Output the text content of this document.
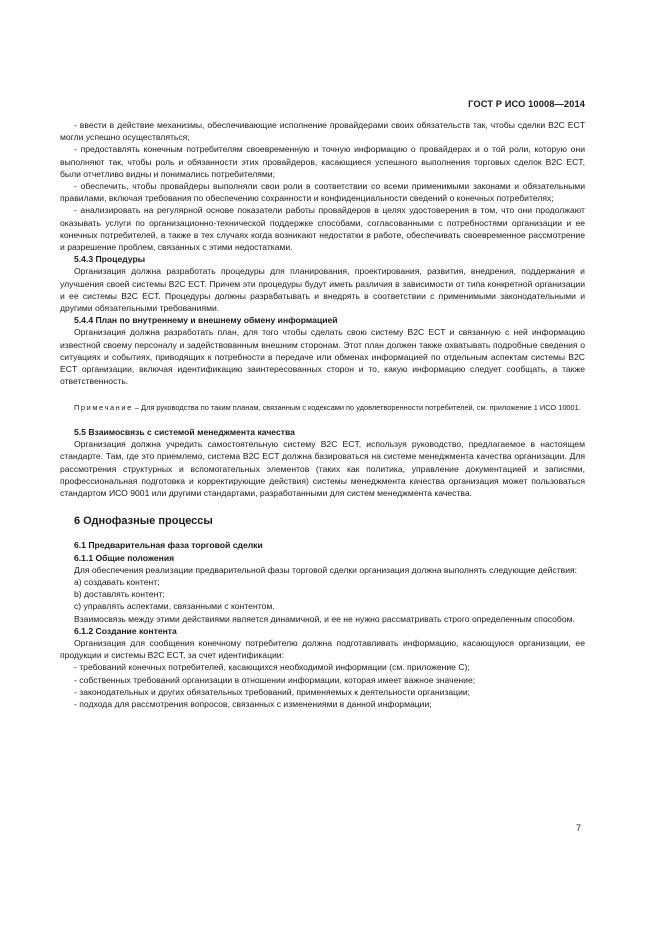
ГОСТ Р ИСО 10008—2014

- ввести в действие механизмы, обеспечивающие исполнение провайдерами своих обязательств так, чтобы сделки B2C ECT могли успешно осуществляться;

- предоставлять конечным потребителям своевременную и точную информацию о провайдерах и о той роли, которую они выполняют так, чтобы роль и обязанности этих провайдеров, касающиеся успешного выполнения торговых сделок B2C ECT, были отчетливо видны и понимались потребителями;

- обеспечить, чтобы провайдеры выполняли свои роли в соответствии со всеми применимыми законами и обязательными правилами, включая требования по обеспечению сохранности и конфиденциальности сведений о конечных потребителях;

- анализировать на регулярной основе показатели работы провайдеров в целях удостоверения в том, что они продолжают оказывать услуги по организационно-технической поддержке способами, согласованными с потребностями организации и ее конечных потребителей, а также в тех случаях когда возникают недостатки в работе, обеспечивать своевременное рассмотрение и разрешение проблем, связанных с этими недостатками.

5.4.3 Процедуры

Организация должна разработать процедуры для планирования, проектирования, развития, внедрения, поддержания и улучшения своей системы B2C ECT. Причем эти процедуры будут иметь различия в зависимости от типа конкретной организации и ее системы B2C ECT. Процедуры должны разрабатывать и внедрять в соответствии с применимыми законодательными и другими обязательными требованиями.

5.4.4 План по внутреннему и внешнему обмену информацией

Организация должна разработать план, для того чтобы сделать свою систему B2C ECT и связанную с ней информацию известной своему персоналу и задействованным внешним сторонам. Этот план должен также охватывать подробные сведения о ситуациях и событиях, приводящих к потребности в передаче или обменах информацией по отдельным аспектам системы B2C ECT организации, включая идентификацию заинтересованных сторон и то, какую информацию следует сообщать, а также ответственность.

Примечание – Для руководства по таким планам, связанным с кодексами по удовлетворенности потребителей, см. приложение 1 ИСО 10001.

5.5 Взаимосвязь с системой менеджмента качества

Организация должна учредить самостоятельную систему B2C ECT, используя руководство, предлагаемое в настоящем стандарте. Там, где это приемлемо, система B2C ECT должна базироваться на системе менеджмента качества организации. Для рассмотрения структурных и вспомогательных элементов (таких как политика, управление документацией и записями, профессиональная подготовка и корректирующие действия) системы менеджмента качества организация может пользоваться стандартом ИСО 9001 или другими стандартами, разработанными для систем менеджмента качества.

6 Однофазные процессы

6.1 Предварительная фаза торговой сделки

6.1.1 Общие положения

Для обеспечения реализации предварительной фазы торговой сделки организация должна выполнять следующие действия:

a) создавать контент;

b) доставлять контент;

c) управлять аспектами, связанными с контентом.

Взаимосвязь между этими действиями является динамичной, и ее не нужно рассматривать строго определенным способом.

6.1.2 Создание контента

Организация для сообщения конечному потребителю должна подготавливать информацию, касающуюся организации, ее продукции и системы B2C ECT, за счет идентификации:

- требований конечных потребителей, касающихся необходимой информации (см. приложение С);

- собственных требований организации в отношении информации, которая имеет важное значение;

- законодательных и других обязательных требований, применяемых к деятельности организации;

- подхода для рассмотрения вопросов, связанных с изменениями в данной информации;

7
